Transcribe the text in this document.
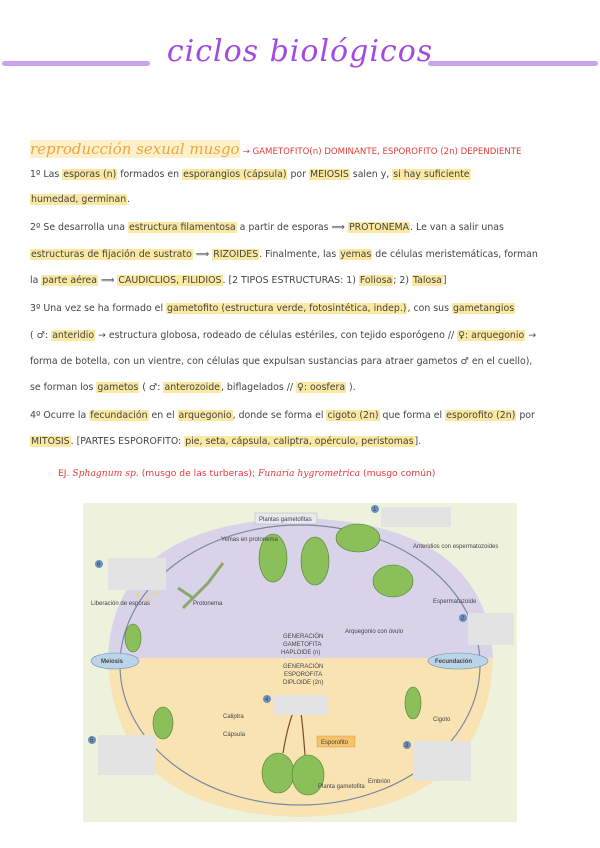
ciclos biológicos
reproducción sexual musgo → GAMETOFITO(n) DOMINANTE, ESPOROFITO (2n) DEPENDIENTE
1º Las esporas (n) formados en esporangios (cápsula) por MEIOSIS salen y, si hay suficiente
humedad, germinan.
2º Se desarrolla una estructura filamentosa a partir de esporas ⟹ PROTONEMA. Le van a salir unas
estructuras de fijación de sustrato ⟹ RIZOIDES. Finalmente, las yemas de células meristemáticas, forman
la parte aérea ⟹ CAUDICLIOS, FILIDIOS. [2 TIPOS ESTRUCTURAS: 1) Foliosa; 2) Talosa]
3º Una vez se ha formado el gametofito (estructura verde, fotosintética, indep.), con sus gametangios
( ♂: anteridio → estructura globosa, rodeado de células estériles, con tejido esporógeno // ♀: arquegonio →
forma de botella, con un vientre, con células que expulsan sustancias para atraer gametos ♂ en el cuello),
se forman los gametos ( ♂: anterozoide, biflagelados // ♀: oosfera ).
4º Ocurre la fecundación en el arquegonio, donde se forma el cigoto (2n) que forma el esporofito (2n) por
MITOSIS. [PARTES ESPOROFITO: pie, seta, cápsula, caliptra, opérculo, peristomas].
EJ. Sphagnum sp. (musgo de las turberas); Funaria hygrometrica (musgo común)
Plantas gametofitas
Yemas en protonema
Protonema
Liberación de esporas
Meiosis	Fecundación
GENERACIÓN
GAMETOFITA
HAPLOIDE (n)
GENERACIÓN
ESPOROFITA
DIPLOIDE (2n)
Anteridios con espermatozoides
Espermatozoide
Arquegonio con óvulo
Cigoto
Embrión
Esporofito
Planta gametofita
Caliptra
Cápsula
1
2
3
4
5
6
